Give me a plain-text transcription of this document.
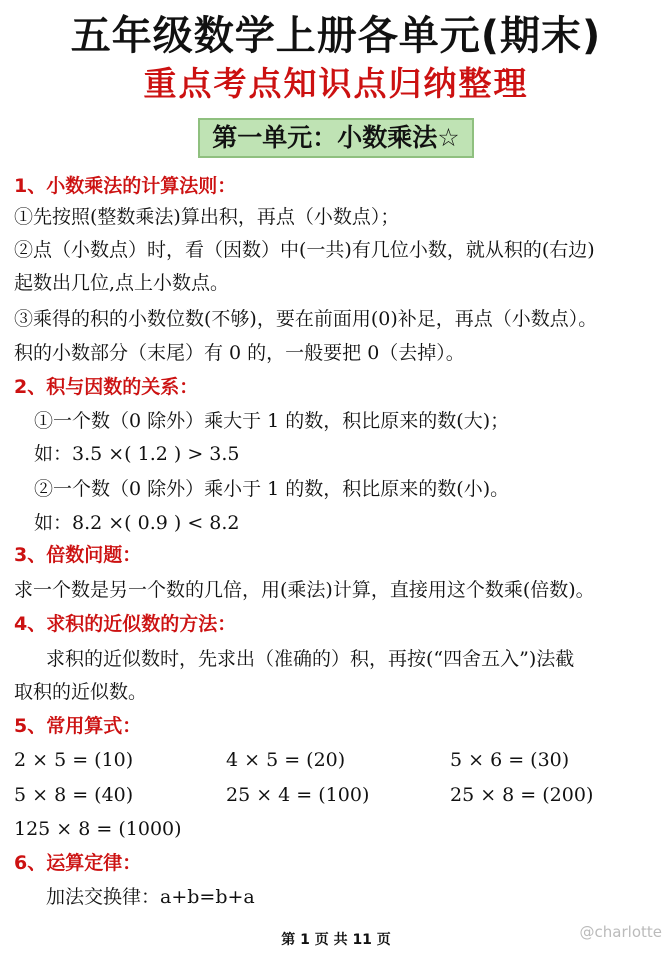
五年级数学上册各单元(期末)
重点考点知识点归纳整理
第一单元：小数乘法☆
1、小数乘法的计算法则：
①先按照(整数乘法)算出积，再点（小数点）；
②点（小数点）时，看（因数）中(一共)有几位小数，就从积的(右边)
起数出几位,点上小数点。
③乘得的积的小数位数(不够)，要在前面用(0)补足，再点（小数点）。
积的小数部分（末尾）有 0 的，一般要把 0（去掉）。
2、积与因数的关系：
①一个数（0 除外）乘大于 1 的数，积比原来的数(大)；
如：3.5 ×( 1.2 ) > 3.5
②一个数（0 除外）乘小于 1 的数，积比原来的数(小)。
如：8.2 ×( 0.9 ) < 8.2
3、倍数问题：
求一个数是另一个数的几倍，用(乘法)计算，直接用这个数乘(倍数)。
4、求积的近似数的方法：
求积的近似数时，先求出（准确的）积，再按(“四舍五入”)法截
取积的近似数。
5、常用算式：
2 × 5 = (10)	4 × 5 = (20)	5 × 6 = (30)
5 × 8 = (40)	25 × 4 = (100)	25 × 8 = (200)
125 × 8 = (1000)
6、运算定律：
加法交换律：a+b=b+a
第 1 页 共 11 页	@charlotte
